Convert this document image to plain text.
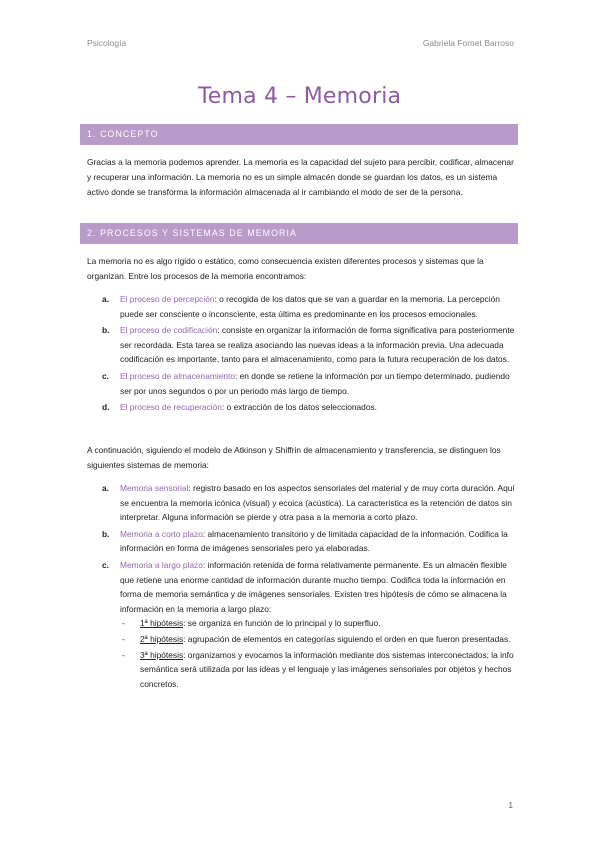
Psicología	Gabriela Fornet Barroso
Tema 4 – Memoria
1. CONCEPTO

Gracias a la memoria podemos aprender. La memoria es la capacidad del sujeto para percibir, codificar, almacenar y recuperar una información. La memoria no es un simple almacén donde se guardan los datos, es un sistema activo donde se transforma la información almacenada al ir cambiando el modo de ser de la persona.

2. PROCESOS Y SISTEMAS DE MEMORIA

La memoria no es algo rígido o estático, como consecuencia existen diferentes procesos y sistemas que la organizan. Entre los procesos de la memoria encontramos:

a. El proceso de percepción: o recogida de los datos que se van a guardar en la memoria. La percepción puede ser consciente o inconsciente, esta última es predominante en los procesos emocionales.
b. El proceso de codificación: consiste en organizar la información de forma significativa para posteriormente ser recordada. Esta tarea se realiza asociando las nuevas ideas a la información previa. Una adecuada codificación es importante, tanto para el almacenamiento, como para la futura recuperación de los datos.
c. El proceso de almacenamiento: en donde se retiene la información por un tiempo determinado, pudiendo ser por unos segundos o por un periodo más largo de tiempo.
d. El proceso de recuperación: o extracción de los datos seleccionados.

A continuación, siguiendo el modelo de Atkinson y Shiffrin de almacenamiento y transferencia, se distinguen los siguientes sistemas de memoria:

a. Memoria sensorial: registro basado en los aspectos sensoriales del material y de muy corta duración. Aquí se encuentra la memoria icónica (visual) y ecoica (acústica). La característica es la retención de datos sin interpretar. Alguna información se pierde y otra pasa a la memoria a corto plazo.
b. Memoria a corto plazo: almacenamiento transitorio y de limitada capacidad de la información. Codifica la información en forma de imágenes sensoriales pero ya elaboradas.
c. Memoria a largo plazo: información retenida de forma relativamente permanente. Es un almacén flexible que retiene una enorme cantidad de información durante mucho tiempo. Codifica toda la información en forma de memoria semántica y de imágenes sensoriales. Existen tres hipótesis de cómo se almacena la información en la memoria a largo plazo:
- 1ª hipótesis: se organiza en función de lo principal y lo superfluo.
- 2ª hipótesis: agrupación de elementos en categorías siguiendo el orden en que fueron presentadas.
- 3ª hipótesis: organizamos y evocamos la información mediante dos sistemas interconectados; la info semántica será utilizada por las ideas y el lenguaje y las imágenes sensoriales por objetos y hechos concretos.
1
